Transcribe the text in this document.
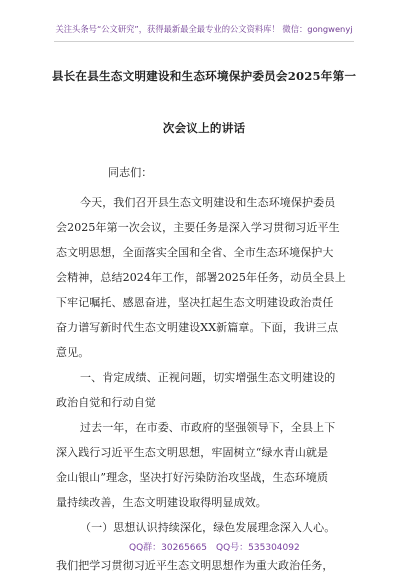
关注头条号“公文研究”，获得最新最全最专业的公文资料库！ 微信：gongwenyj
县长在县生态文明建设和生态环境保护委员会2025年第一
次会议上的讲话
同志们：
今天，我们召开县生态文明建设和生态环境保护委员
会2025年第一次会议，主要任务是深入学习贯彻习近平生
态文明思想，全面落实全国和全省、全市生态环境保护大
会精神，总结2024年工作，部署2025年任务，动员全县上
下牢记嘱托、感恩奋进，坚决扛起生态文明建设政治责任
奋力谱写新时代生态文明建设XX新篇章。下面，我讲三点
意见。
一、肯定成绩、正视问题，切实增强生态文明建设的
政治自觉和行动自觉
过去一年，在市委、市政府的坚强领导下，全县上下
深入践行习近平生态文明思想，牢固树立“绿水青山就是
金山银山”理念，坚决打好污染防治攻坚战，生态环境质
量持续改善，生态文明建设取得明显成效。
（一）思想认识持续深化，绿色发展理念深入人心。
我们把学习贯彻习近平生态文明思想作为重大政治任务，
QQ群：30265665 QQ号：535304092
